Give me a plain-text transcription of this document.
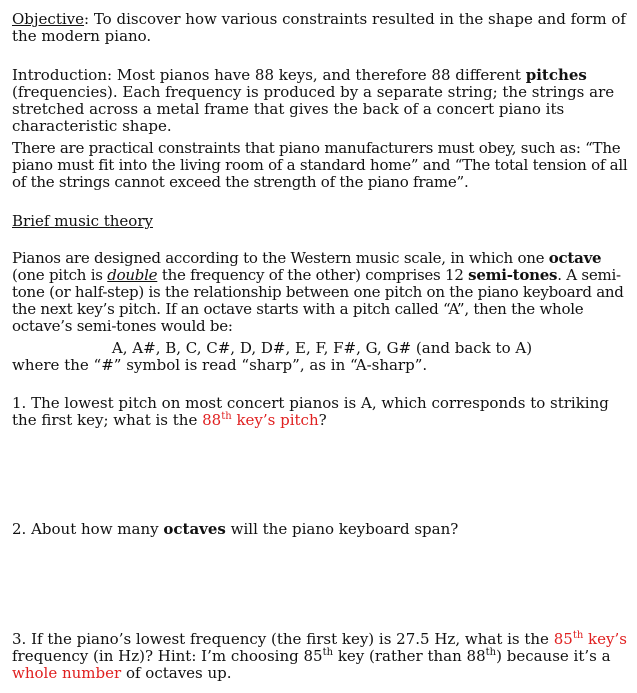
Objective: To discover how various constraints resulted in the shape and form of the modern piano.

Introduction: Most pianos have 88 keys, and therefore 88 different pitches (frequencies). Each frequency is produced by a separate string; the strings are stretched across a metal frame that gives the back of a concert piano its characteristic shape.

There are practical constraints that piano manufacturers must obey, such as: “The piano must fit into the living room of a standard home” and “The total tension of all of the strings cannot exceed the strength of the piano frame”.

Brief music theory

Pianos are designed according to the Western music scale, in which one octave (one pitch is double the frequency of the other) comprises 12 semi-tones. A semi-tone (or half-step) is the relationship between one pitch on the piano keyboard and the next key’s pitch. If an octave starts with a pitch called “A”, then the whole octave’s semi-tones would be:

A, A#, B, C, C#, D, D#, E, F, F#, G, G# (and back to A)

where the “#” symbol is read “sharp”, as in “A-sharp”.

1. The lowest pitch on most concert pianos is A, which corresponds to striking the first key; what is the 88th key’s pitch?

2. About how many octaves will the piano keyboard span?

3. If the piano’s lowest frequency (the first key) is 27.5 Hz, what is the 85th key’s frequency (in Hz)? Hint: I’m choosing 85th key (rather than 88th) because it’s a whole number of octaves up.
